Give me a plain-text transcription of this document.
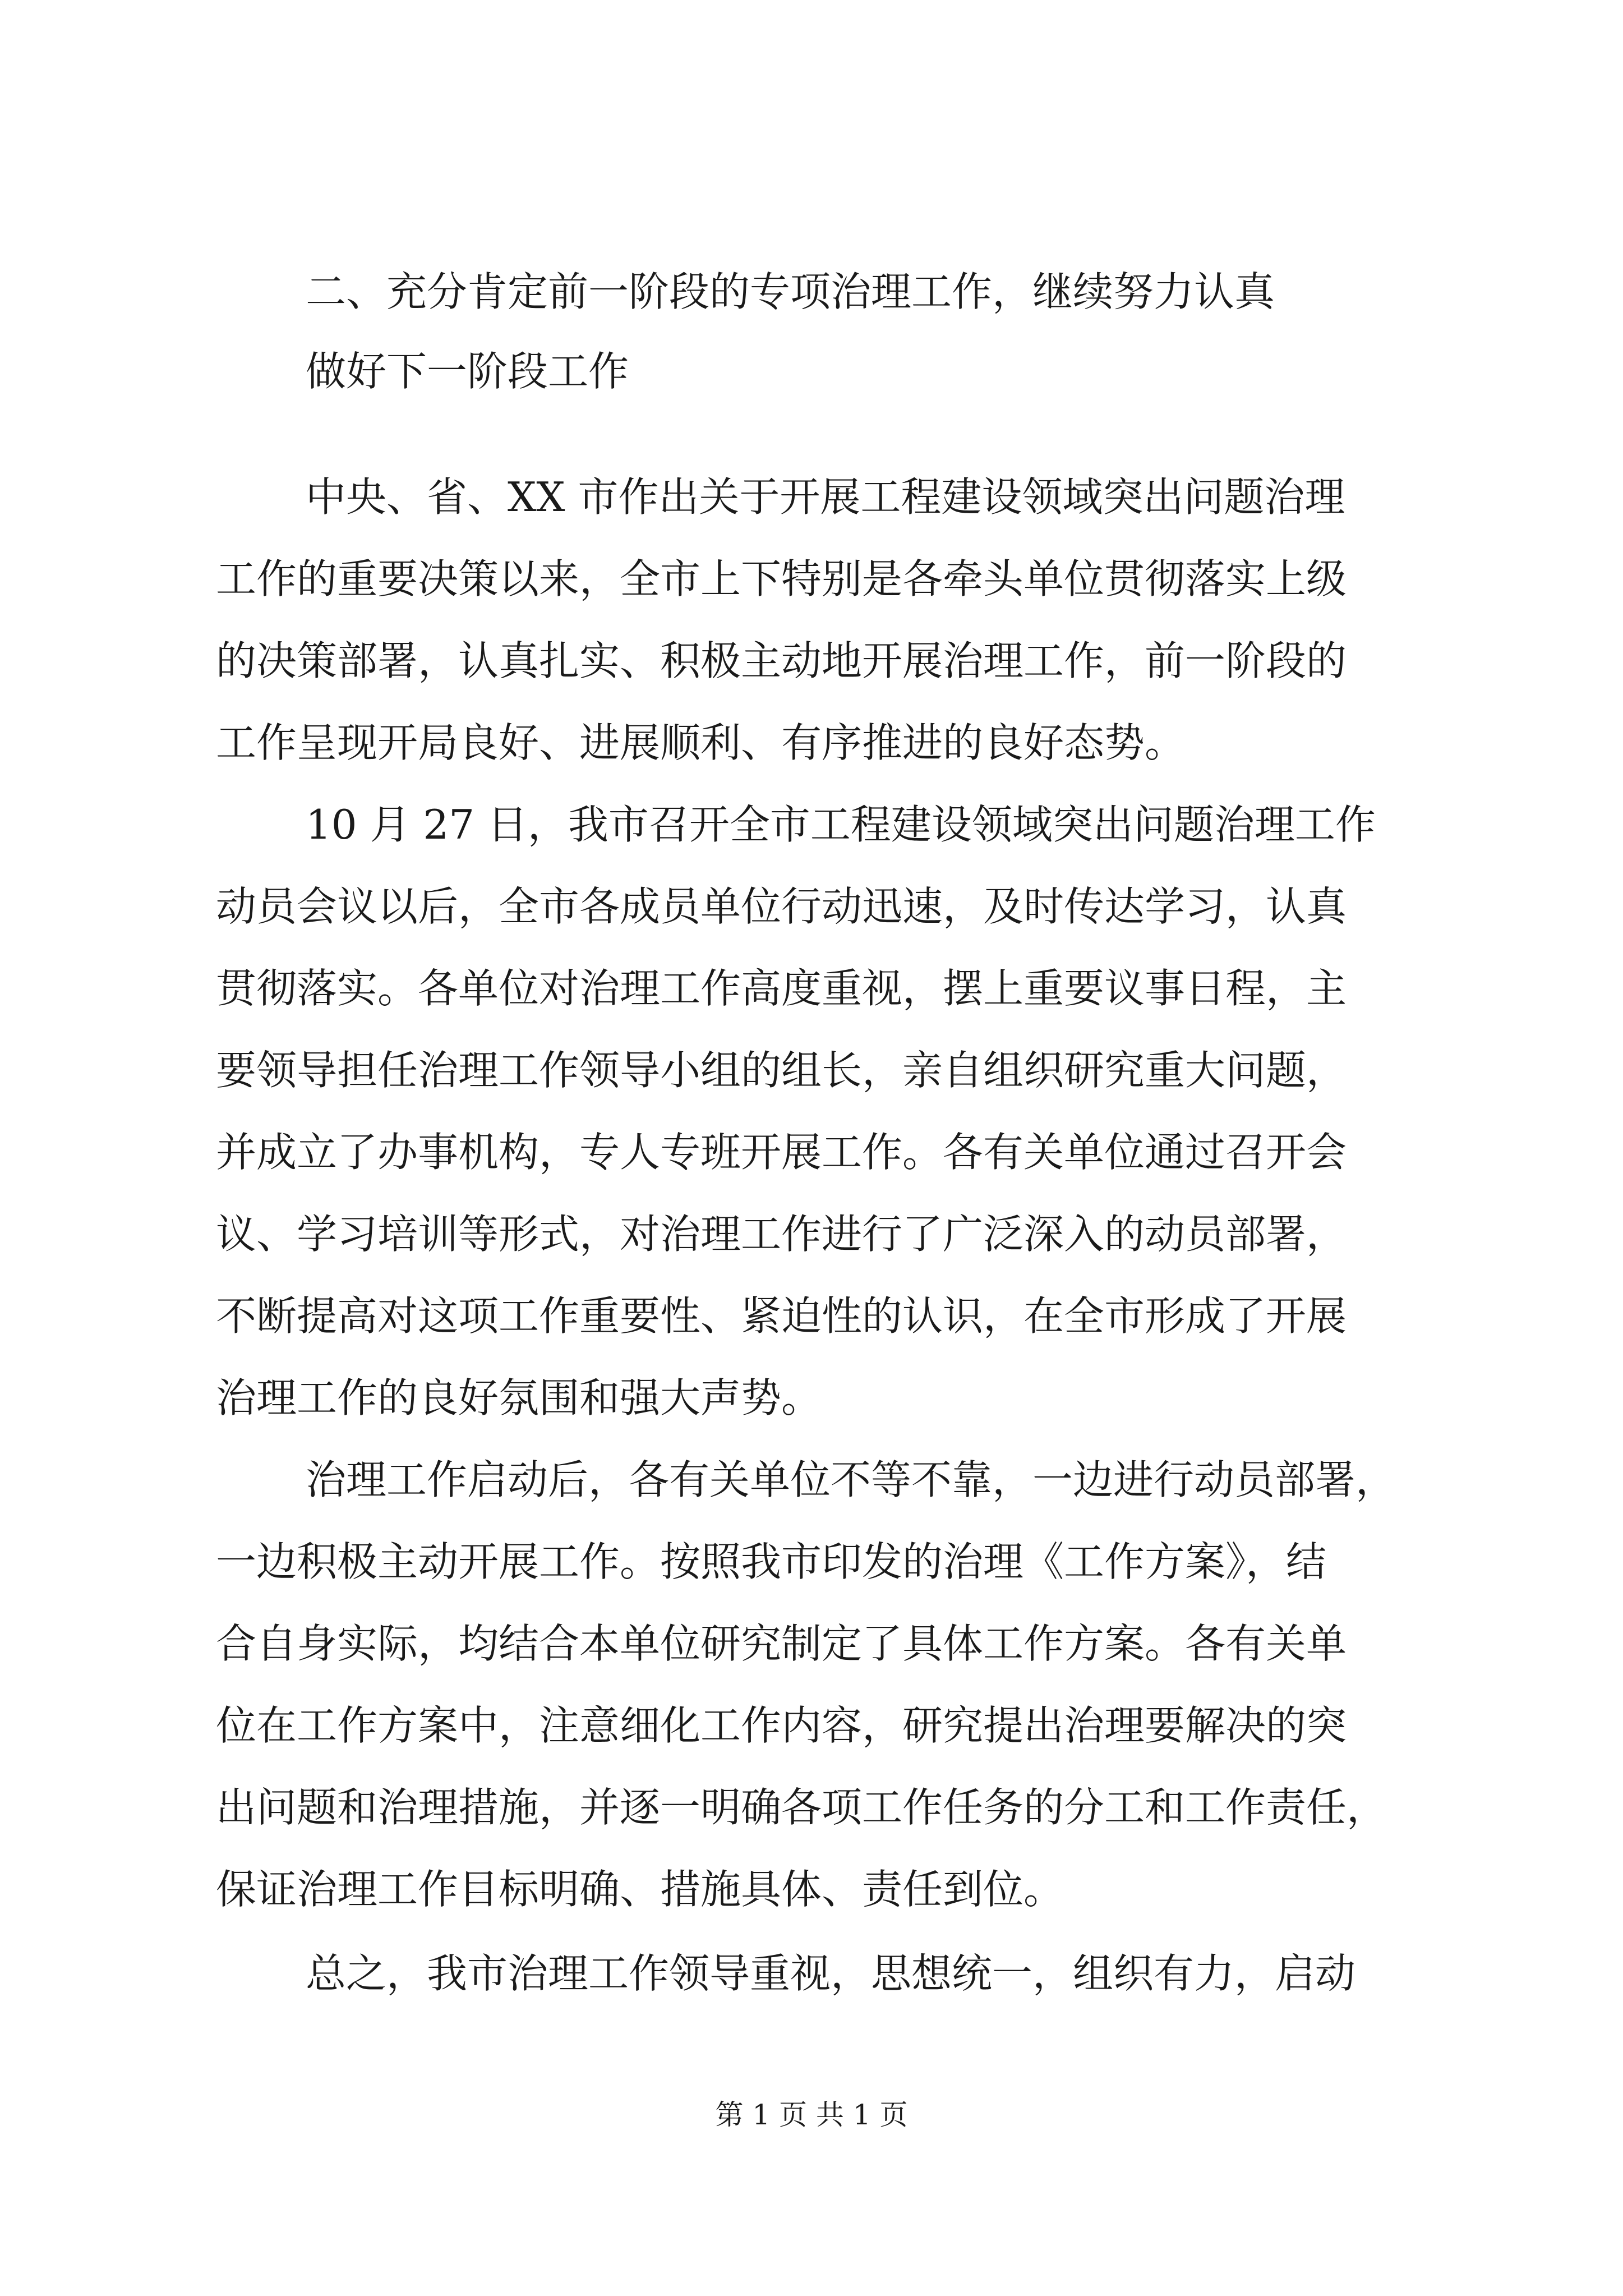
二、充分肯定前一阶段的专项治理工作，继续努力认真
做好下一阶段工作
中央、省、XX 市作出关于开展工程建设领域突出问题治理
工作的重要决策以来，全市上下特别是各牵头单位贯彻落实上级
的决策部署，认真扎实、积极主动地开展治理工作，前一阶段的
工作呈现开局良好、进展顺利、有序推进的良好态势。
10 月 27 日，我市召开全市工程建设领域突出问题治理工作
动员会议以后，全市各成员单位行动迅速，及时传达学习，认真
贯彻落实。各单位对治理工作高度重视，摆上重要议事日程，主
要领导担任治理工作领导小组的组长，亲自组织研究重大问题，
并成立了办事机构，专人专班开展工作。各有关单位通过召开会
议、学习培训等形式，对治理工作进行了广泛深入的动员部署，
不断提高对这项工作重要性、紧迫性的认识，在全市形成了开展
治理工作的良好氛围和强大声势。
治理工作启动后，各有关单位不等不靠，一边进行动员部署，
一边积极主动开展工作。按照我市印发的治理《工作方案》，结
合自身实际，均结合本单位研究制定了具体工作方案。各有关单
位在工作方案中，注意细化工作内容，研究提出治理要解决的突
出问题和治理措施，并逐一明确各项工作任务的分工和工作责任，
保证治理工作目标明确、措施具体、责任到位。
总之，我市治理工作领导重视，思想统一，组织有力，启动
第 1 页 共 1 页
